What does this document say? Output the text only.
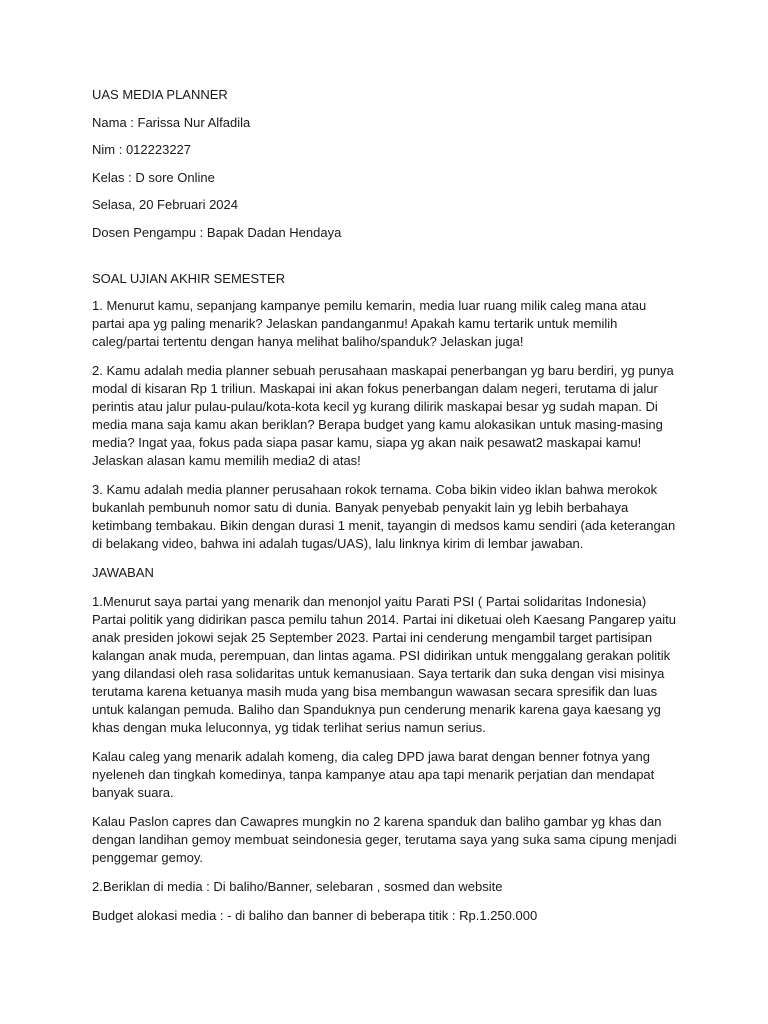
UAS MEDIA PLANNER

Nama : Farissa Nur Alfadila

Nim : 012223227

Kelas : D sore Online

Selasa, 20 Februari 2024

Dosen Pengampu : Bapak Dadan Hendaya

SOAL UJIAN AKHIR SEMESTER

1. Menurut kamu, sepanjang kampanye pemilu kemarin, media luar ruang milik caleg mana atau
partai apa yg paling menarik? Jelaskan pandanganmu! Apakah kamu tertarik untuk memilih
caleg/partai tertentu dengan hanya melihat baliho/spanduk? Jelaskan juga!

2. Kamu adalah media planner sebuah perusahaan maskapai penerbangan yg baru berdiri, yg punya
modal di kisaran Rp 1 triliun. Maskapai ini akan fokus penerbangan dalam negeri, terutama di jalur
perintis atau jalur pulau-pulau/kota-kota kecil yg kurang dilirik maskapai besar yg sudah mapan. Di
media mana saja kamu akan beriklan? Berapa budget yang kamu alokasikan untuk masing-masing
media? Ingat yaa, fokus pada siapa pasar kamu, siapa yg akan naik pesawat2 maskapai kamu!
Jelaskan alasan kamu memilih media2 di atas!

3. Kamu adalah media planner perusahaan rokok ternama. Coba bikin video iklan bahwa merokok
bukanlah pembunuh nomor satu di dunia. Banyak penyebab penyakit lain yg lebih berbahaya
ketimbang tembakau. Bikin dengan durasi 1 menit, tayangin di medsos kamu sendiri (ada keterangan
di belakang video, bahwa ini adalah tugas/UAS), lalu linknya kirim di lembar jawaban.

JAWABAN

1.Menurut saya partai yang menarik dan menonjol yaitu Parati PSI ( Partai solidaritas Indonesia)
Partai politik yang didirikan pasca pemilu tahun 2014. Partai ini diketuai oleh Kaesang Pangarep yaitu
anak presiden jokowi sejak 25 September 2023. Partai ini cenderung mengambil target partisipan
kalangan anak muda, perempuan, dan lintas agama. PSI didirikan untuk menggalang gerakan politik
yang dilandasi oleh rasa solidaritas untuk kemanusiaan. Saya tertarik dan suka dengan visi misinya
terutama karena ketuanya masih muda yang bisa membangun wawasan secara spresifik dan luas
untuk kalangan pemuda. Baliho dan Spanduknya pun cenderung menarik karena gaya kaesang yg
khas dengan muka leluconnya, yg tidak terlihat serius namun serius.

Kalau caleg yang menarik adalah komeng, dia caleg DPD jawa barat dengan benner fotnya yang
nyeleneh dan tingkah komedinya, tanpa kampanye atau apa tapi menarik perjatian dan mendapat
banyak suara.

Kalau Paslon capres dan Cawapres mungkin no 2 karena spanduk dan baliho gambar yg khas dan
dengan landihan gemoy membuat seindonesia geger, terutama saya yang suka sama cipung menjadi
penggemar gemoy.

2.Beriklan di media : Di baliho/Banner, selebaran , sosmed dan website

Budget alokasi media : - di baliho dan banner di beberapa titik : Rp.1.250.000
